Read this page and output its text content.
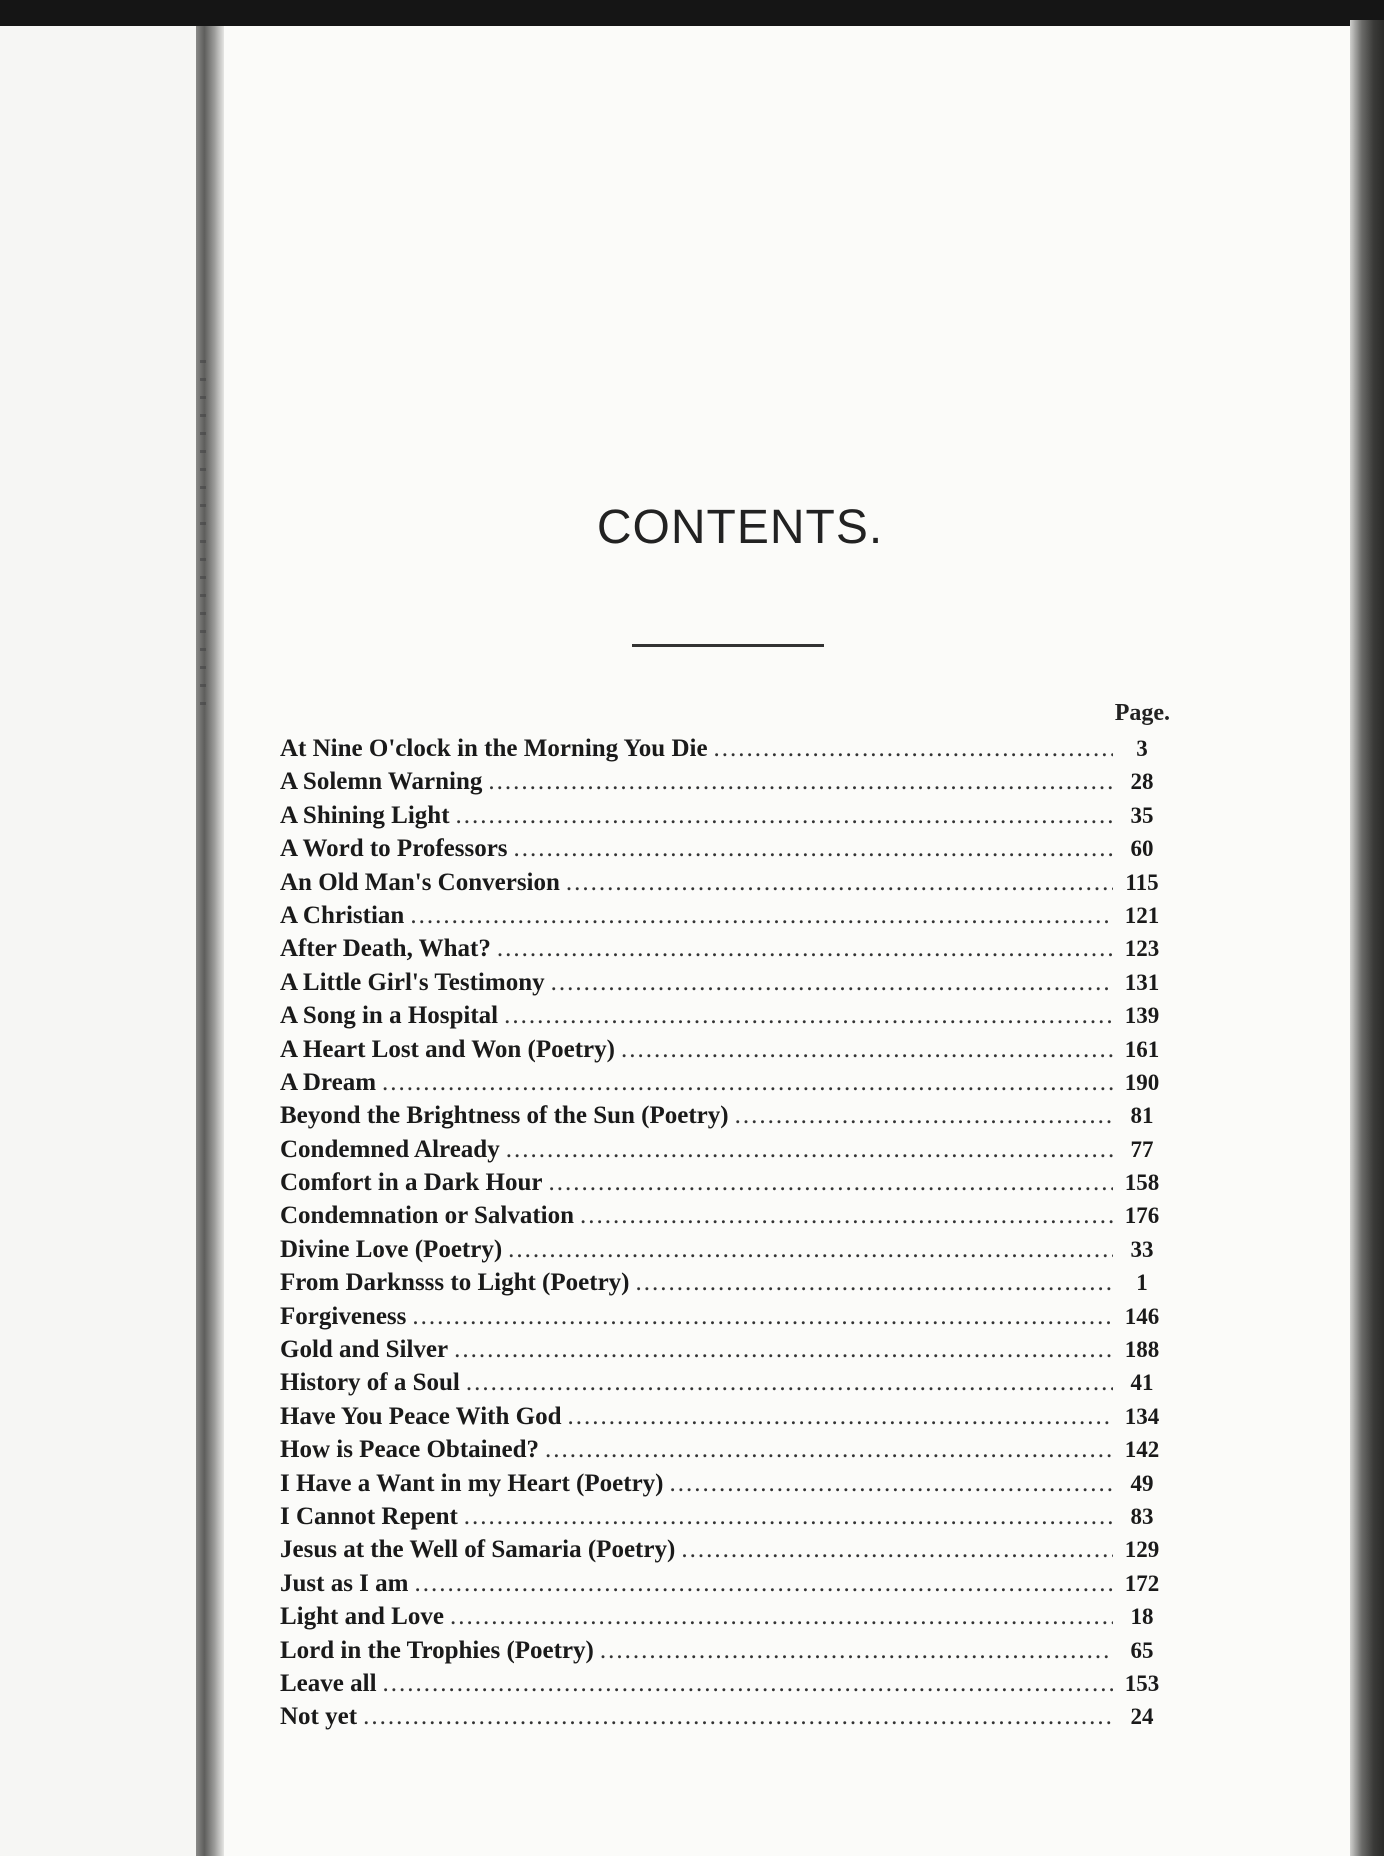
CONTENTS.
Page.
At Nine O'clock in the Morning You Die .....	3
A Solemn Warning .....	28
A Shining Light .....	35
A Word to Professors .....	60
An Old Man's Conversion .....	115
A Christian .....	121
After Death, What? .....	123
A Little Girl's Testimony .....	131
A Song in a Hospital .....	139
A Heart Lost and Won (Poetry) .....	161
A Dream .....	190
Beyond the Brightness of the Sun (Poetry) .....	81
Condemned Already .....	77
Comfort in a Dark Hour .....	158
Condemnation or Salvation .....	176
Divine Love (Poetry) .....	33
From Darknsss to Light (Poetry) .....	1
Forgiveness .....	146
Gold and Silver .....	188
History of a Soul .....	41
Have You Peace With God .....	134
How is Peace Obtained? .....	142
I Have a Want in my Heart (Poetry) .....	49
I Cannot Repent .....	83
Jesus at the Well of Samaria (Poetry) .....	129
Just as I am .....	172
Light and Love .....	18
Lord in the Trophies (Poetry) .....	65
Leave all .....	153
Not yet .....	24
